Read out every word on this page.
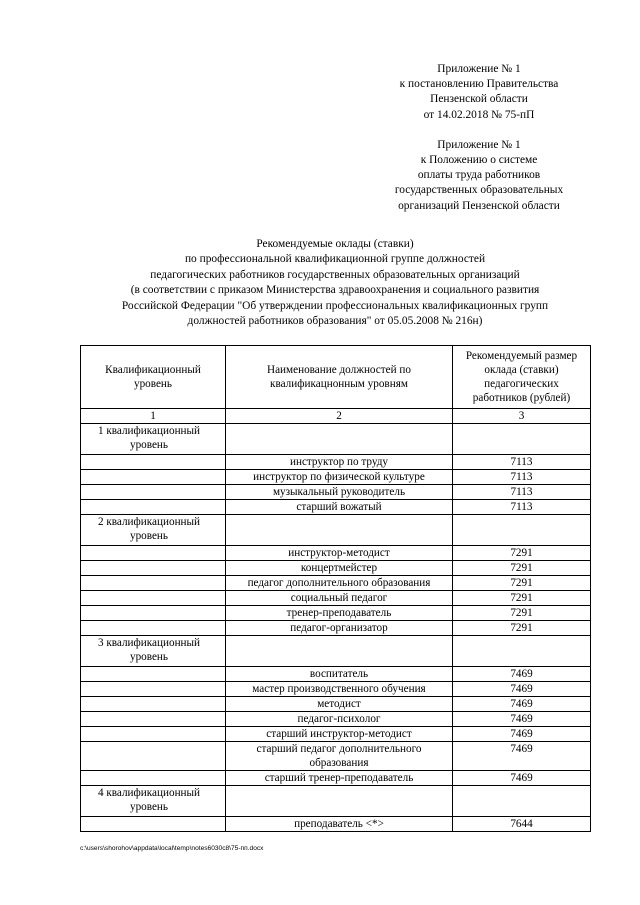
Приложение № 1
к постановлению Правительства
Пензенской области
от 14.02.2018 № 75-пП
Приложение № 1
к Положению о системе
оплаты труда работников
государственных образовательных
организаций Пензенской области
Рекомендуемые оклады (ставки)
по профессиональной квалификационной группе должностей
педагогических работников государственных образовательных организаций
(в соответствии с приказом Министерства здравоохранения и социального развития
Российской Федерации "Об утверждении профессиональных квалификационных групп
должностей работников образования" от 05.05.2008 № 216н)
Квалификационный уровень	Наименование должностей по квалификацнонным уровням	Рекомендуемый размер оклада (ставки) педагогических работников (рублей)
1	2	3
1 квалификационный уровень		
	инструктор по труду	7113
	инструктор по физической культуре	7113
	музыкальный руководитель	7113
	старший вожатый	7113
2 квалификационный уровень		
	инструктор-методист	7291
	концертмейстер	7291
	педагог дополнительного образования	7291
	социальный педагог	7291
	тренер-преподаватель	7291
	педагог-организатор	7291
3 квалификационный уровень		
	воспитатель	7469
	мастер производственного обучения	7469
	методист	7469
	педагог-психолог	7469
	старший инструктор-методист	7469
	старший педагог дополнительного образования	7469
	старший тренер-преподаватель	7469
4 квалификационный уровень		
	преподаватель <*>	7644
c:\users\shorohov\appdata\local\temp\notes6030c8\75-пп.docx
